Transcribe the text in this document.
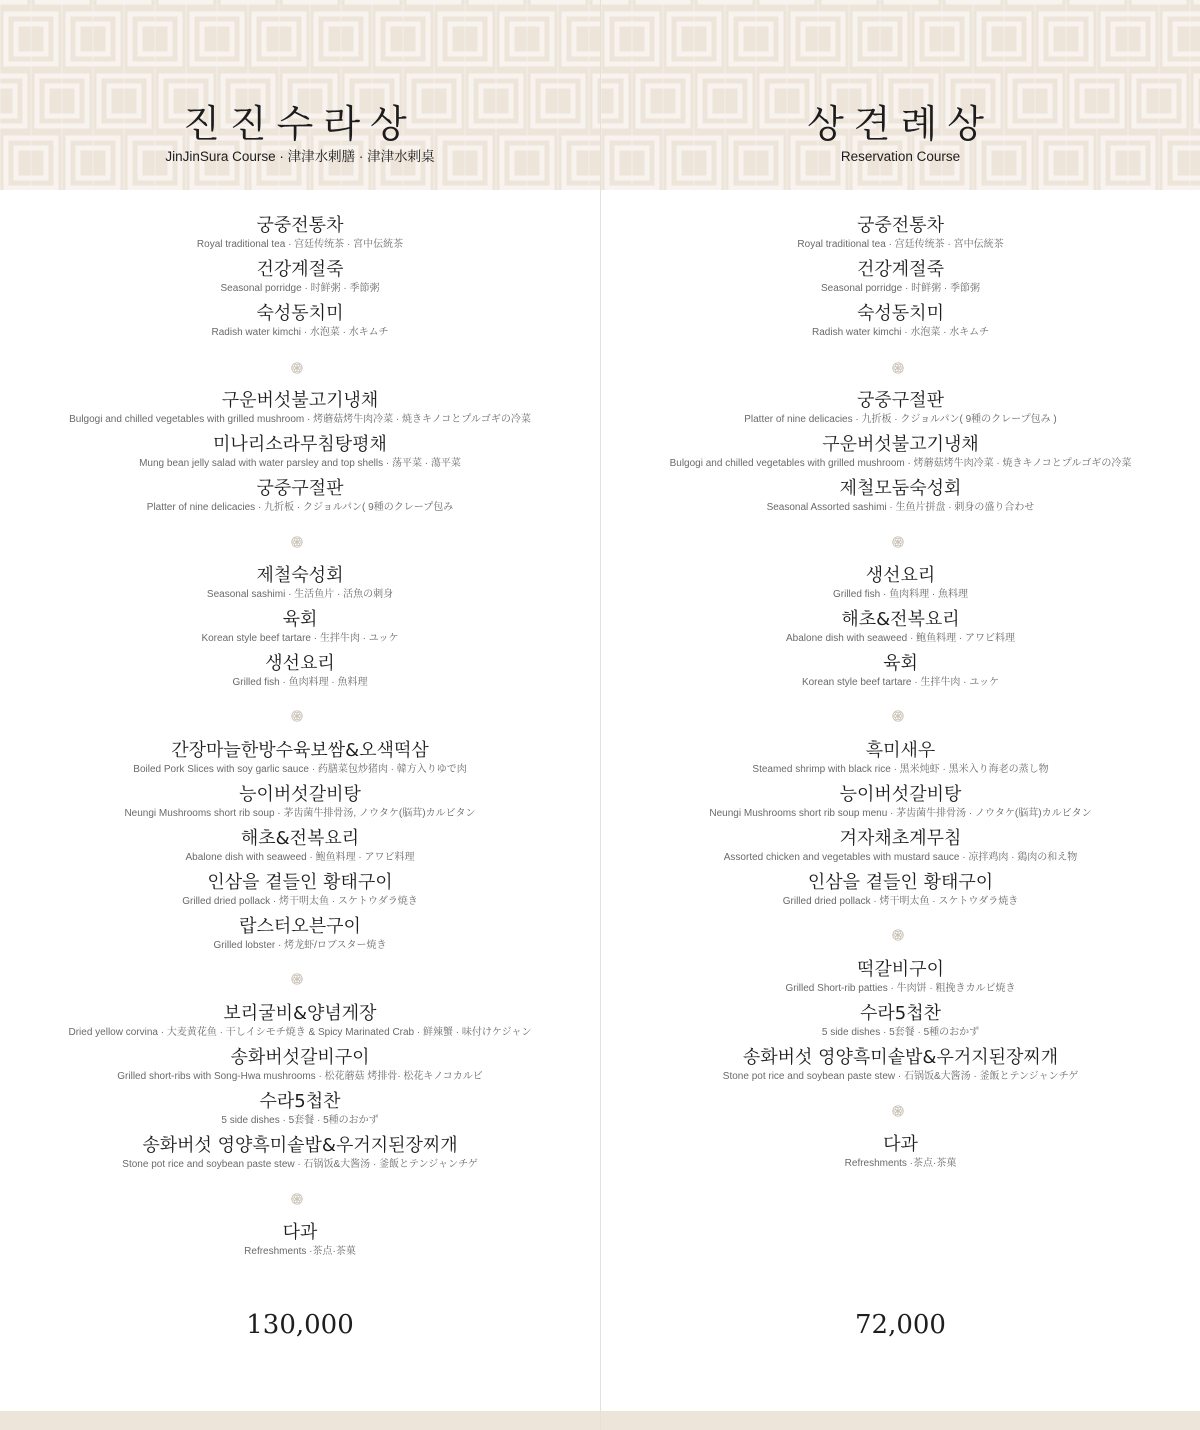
진진수라상
JinJinSura Course · 津津水剌膳 · 津津水剌桌
궁중전통차
Royal traditional tea · 宫廷传统茶 · 宮中伝統茶
건강계절죽
Seasonal porridge · 时鲜粥 · 季節粥
숙성동치미
Radish water kimchi · 水泡菜 · 水キムチ
구운버섯불고기냉채
Bulgogi and chilled vegetables with grilled mushroom · 烤蘑菇烤牛肉冷菜 · 焼きキノコとプルゴギの冷菜
미나리소라무침탕평채
Mung bean jelly salad with water parsley and top shells · 荡平菜 · 蕩平菜
궁중구절판
Platter of nine delicacies · 九折板 · クジョルパン( 9種のクレープ包み
제철숙성회
Seasonal sashimi · 生活鱼片 · 活魚の刺身
육회
Korean style beef tartare · 生拌牛肉 · ユッケ
생선요리
Grilled fish · 鱼肉料理 · 魚料理
간장마늘한방수육보쌈&오색떡삼
Boiled Pork Slices with soy garlic sauce · 药膳菜包炒猪肉 · 韓方入りゆで肉
능이버섯갈비탕
Neungi Mushrooms short rib soup · 茅齿菌牛排骨汤, ノウタケ(脳茸)カルビタン
해초&전복요리
Abalone dish with seaweed · 鲍鱼料理 · アワビ料理
인삼을 곁들인 황태구이
Grilled dried pollack · 烤干明太鱼 · スケトウダラ焼き
랍스터오븐구이
Grilled lobster · 烤龙虾/ロブスター焼き
보리굴비&양념게장
Dried yellow corvina · 大麦黄花鱼 · 干しイシモチ焼き & Spicy Marinated Crab · 鲜辣蟹 · 味付けケジャン
송화버섯갈비구이
Grilled short-ribs with Song-Hwa mushrooms · 松花蘑菇 烤排骨· 松花キノコカルビ
수라5첩찬
5 side dishes · 5套餐 · 5種のおかず
송화버섯 영양흑미솥밥&우거지된장찌개
Stone pot rice and soybean paste stew · 石锅饭&大酱汤 · 釜飯とテンジャンチゲ
다과
Refreshments ·茶点·茶菓
130,000
상견례상
Reservation Course
궁중전통차
Royal traditional tea · 宫廷传统茶 · 宮中伝統茶
건강계절죽
Seasonal porridge · 时鲜粥 · 季節粥
숙성동치미
Radish water kimchi · 水泡菜 · 水キムチ
궁중구절판
Platter of nine delicacies · 九折板 · クジョルパン( 9種のクレープ包み )
구운버섯불고기냉채
Bulgogi and chilled vegetables with grilled mushroom · 烤蘑菇烤牛肉冷菜 · 焼きキノコとプルゴギの冷菜
제철모둠숙성회
Seasonal Assorted sashimi · 生鱼片拼盘 · 刺身の盛り合わせ
생선요리
Grilled fish · 鱼肉料理 · 魚料理
해초&전복요리
Abalone dish with seaweed · 鲍鱼料理 · アワビ料理
육회
Korean style beef tartare · 生拌牛肉 · ユッケ
흑미새우
Steamed shrimp with black rice · 黑米炖虾 · 黑米入り海老の蒸し物
능이버섯갈비탕
Neungi Mushrooms short rib soup menu · 茅齿菌牛排骨汤 · ノウタケ(脳茸)カルビタン
겨자채초계무침
Assorted chicken and vegetables with mustard sauce · 凉拌鸡肉 · 鶏肉の和え物
인삼을 곁들인 황태구이
Grilled dried pollack · 烤干明太鱼 · スケトウダラ焼き
떡갈비구이
Grilled Short-rib patties · 牛肉饼 · 粗挽きカルビ焼き
수라5첩찬
5 side dishes · 5套餐 · 5種のおかず
송화버섯 영양흑미솥밥&우거지된장찌개
Stone pot rice and soybean paste stew · 石锅饭&大酱汤 · 釜飯とテンジャンチゲ
다과
Refreshments ·茶点·茶菓
72,000
